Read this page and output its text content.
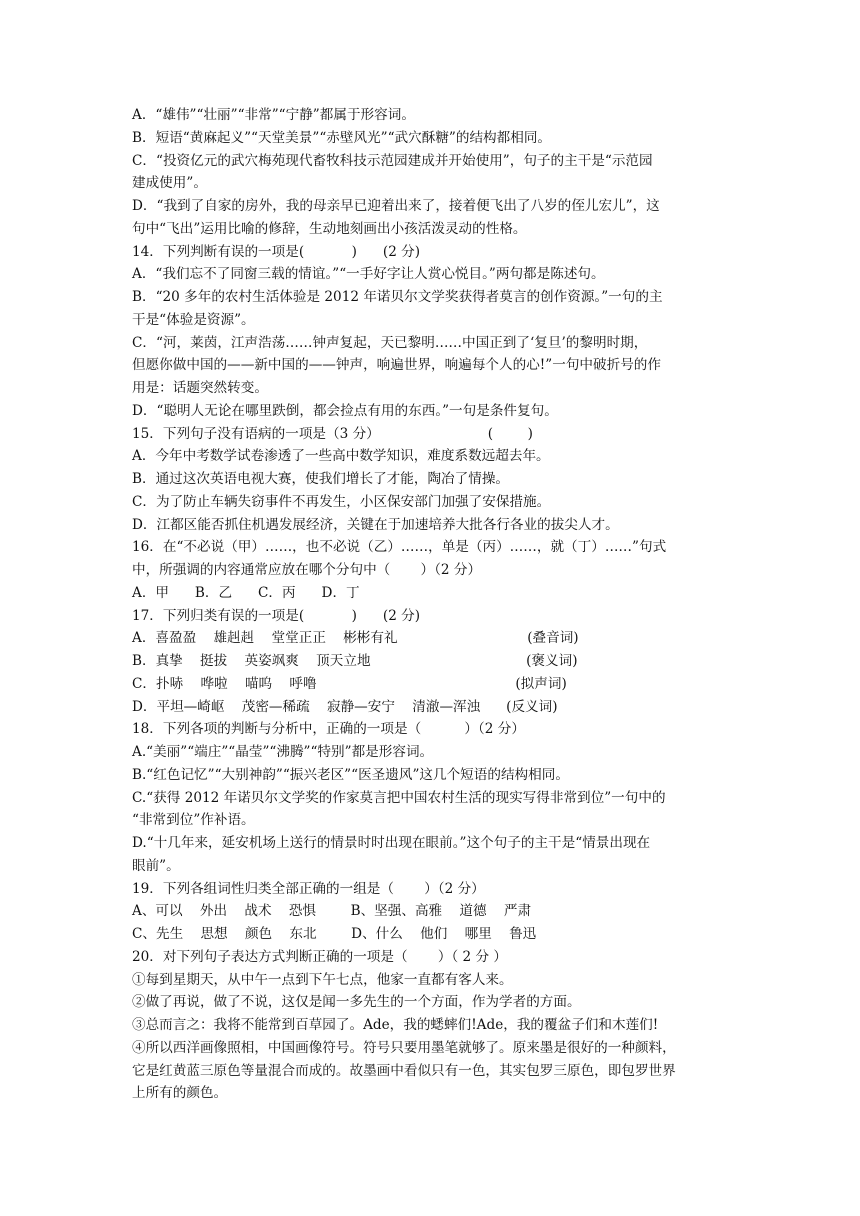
A．“雄伟”“壮丽”“非常”“宁静”都属于形容词。
B．短语“黄麻起义”“天堂美景”“赤壁风光”“武穴酥糖”的结构都相同。
C．“投资亿元的武穴梅苑现代畜牧科技示范园建成并开始使用”，句子的主干是“示范园
建成使用”。
D．“我到了自家的房外，我的母亲早已迎着出来了，接着便飞出了八岁的侄儿宏儿”，这
句中“飞出”运用比喻的修辞，生动地刻画出小孩活泼灵动的性格。
14．下列判断有误的一项是(           )      (2 分)
A．“我们忘不了同窗三载的情谊。”“一手好字让人赏心悦目。”两句都是陈述句。
B．“20 多年的农村生活体验是 2012 年诺贝尔文学奖获得者莫言的创作资源。”一句的主
干是“体验是资源”。
C．“河，莱茵，江声浩荡……钟声复起，天已黎明……中国正到了‘复旦’的黎明时期，
但愿你做中国的——新中国的——钟声，响遍世界，响遍每个人的心!”一句中破折号的作
用是：话题突然转变。
D．“聪明人无论在哪里跌倒，都会捡点有用的东西。”一句是条件复句。
15．下列句子没有语病的一项是（3 分）                         (        )
A．今年中考数学试卷渗透了一些高中数学知识，难度系数远超去年。
B．通过这次英语电视大赛，使我们增长了才能，陶冶了情操。
C．为了防止车辆失窃事件不再发生，小区保安部门加强了安保措施。
D．江都区能否抓住机遇发展经济，关键在于加速培养大批各行各业的拔尖人才。
16．在“不必说（甲）……，也不必说（乙）……，单是（丙）……，就（丁）……”句式
中，所强调的内容通常应放在哪个分句中（       ）（2 分）
A．甲      B．乙      C．丙      D．丁
17．下列归类有误的一项是(           )      (2 分)
A．喜盈盈    雄赳赳    堂堂正正    彬彬有礼                              (叠音词)
B．真挚    挺拔    英姿飒爽    顶天立地                                    (褒义词)
C．扑哧    哗啦    喵呜    呼噜                                              (拟声词)
D．平坦—崎岖    茂密—稀疏    寂静—安宁    清澈—浑浊      (反义词)
18．下列各项的判断与分析中，正确的一项是（          ）（2 分）
A.“美丽”“端庄”“晶莹”“沸腾”“特别”都是形容词。
B.“红色记忆”“大别神韵”“振兴老区”“医圣遗风”这几个短语的结构相同。
C.“获得 2012 年诺贝尔文学奖的作家莫言把中国农村生活的现实写得非常到位”一句中的
“非常到位”作补语。
D.“十几年来，延安机场上送行的情景时时出现在眼前。”这个句子的主干是“情景出现在
眼前”。
19．下列各组词性归类全部正确的一组是（       ）（2 分）
A、可以    外出    战术    恐惧        B、坚强、高雅    道德    严肃
C、先生    思想    颜色    东北        D、什么    他们    哪里    鲁迅
20．对下列句子表达方式判断正确的一项是（       ）（ 2 分 ）
①每到星期天，从中午一点到下午七点，他家一直都有客人来。
②做了再说，做了不说，这仅是闻一多先生的一个方面，作为学者的方面。
③总而言之：我将不能常到百草园了。Ade，我的蟋蟀们!Ade，我的覆盆子们和木莲们!
④所以西洋画像照相，中国画像符号。符号只要用墨笔就够了。原来墨是很好的一种颜料，
它是红黄蓝三原色等量混合而成的。故墨画中看似只有一色，其实包罗三原色，即包罗世界
上所有的颜色。
